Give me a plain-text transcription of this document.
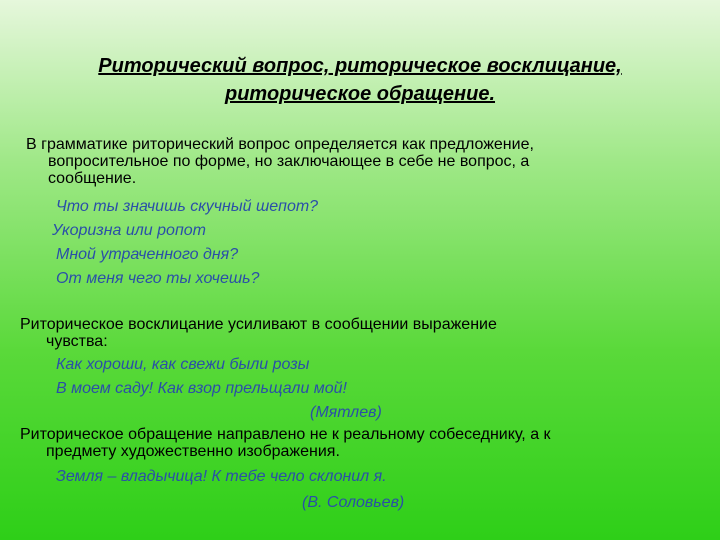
Риторический вопрос, риторическое восклицание,
риторическое обращение.
В грамматике риторический вопрос определяется как предложение,
вопросительное по форме, но заключающее в себе не вопрос, а
сообщение.
Что ты значишь скучный шепот?
Укоризна или ропот
Мной утраченного дня?
От меня чего ты хочешь?
Риторическое восклицание усиливают в сообщении выражение
чувства:
Как хороши, как свежи были розы
В моем саду! Как взор прельщали мой!
(Мятлев)
Риторическое обращение направлено не к реальному собеседнику, а к
предмету художественно изображения.
Земля – владычица! К тебе чело склонил я.
(В. Соловьев)
